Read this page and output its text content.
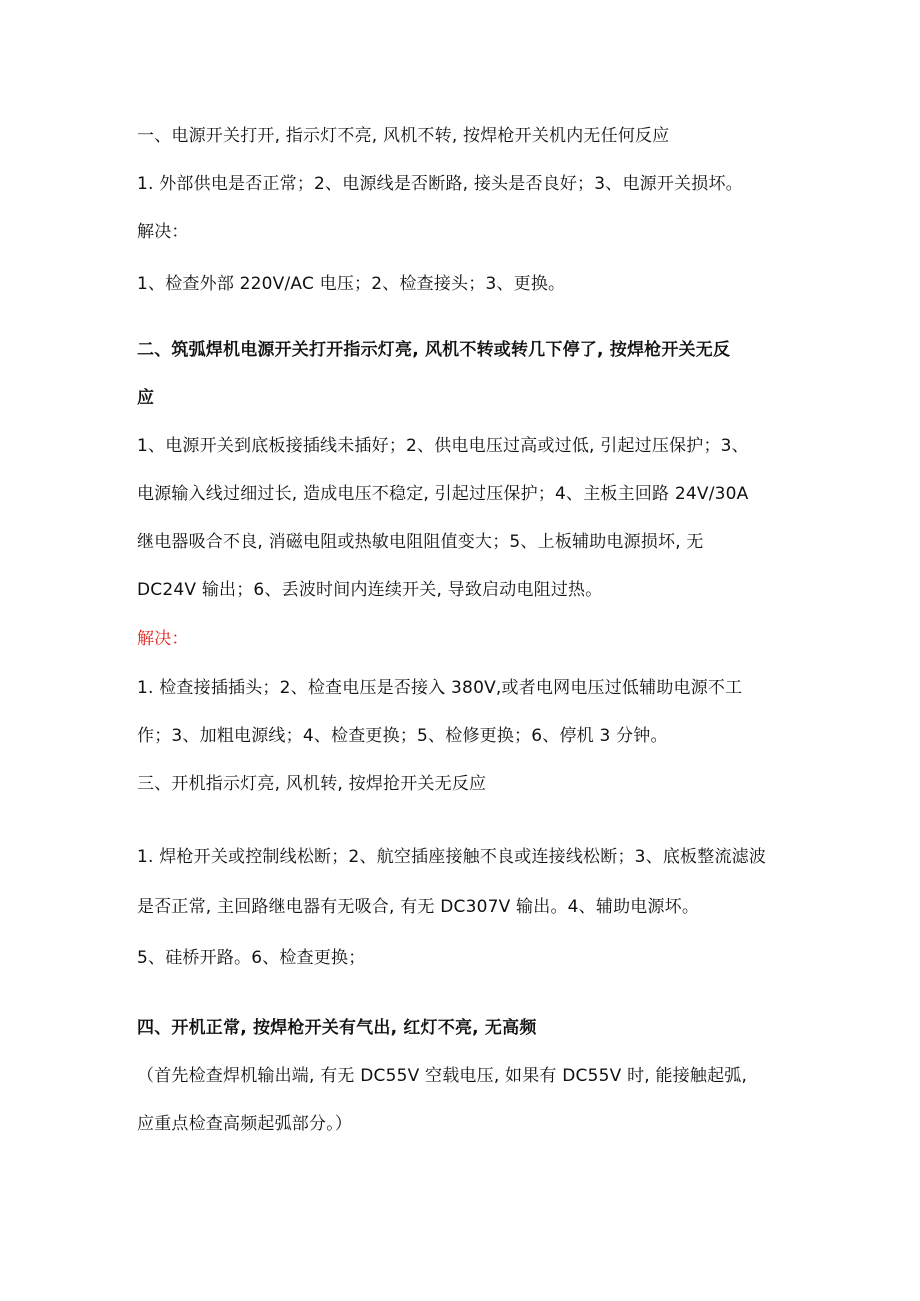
一、电源开关打开, 指示灯不亮, 风机不转, 按焊枪开关机内无任何反应
1. 外部供电是否正常；2、电源线是否断路, 接头是否良好；3、电源开关损坏。
解决：
1、检查外部 220V/AC 电压；2、检查接头；3、更换。
二、筑弧焊机电源开关打开指示灯亮, 风机不转或转几下停了, 按焊枪开关无反
应
1、电源开关到底板接插线未插好；2、供电电压过高或过低, 引起过压保护；3、
电源输入线过细过长, 造成电压不稳定, 引起过压保护；4、主板主回路 24V/30A
继电器吸合不良, 消磁电阻或热敏电阻阻值变大；5、上板辅助电源损坏, 无
DC24V 输出；6、丢波时间内连续开关, 导致启动电阻过热。
解决：
1. 检查接插插头；2、检查电压是否接入 380V,或者电网电压过低辅助电源不工
作；3、加粗电源线；4、检查更换；5、检修更换；6、停机 3 分钟。
三、开机指示灯亮, 风机转, 按焊抢开关无反应
1. 焊枪开关或控制线松断；2、航空插座接触不良或连接线松断；3、底板整流滤波
是否正常, 主回路继电器有无吸合, 有无 DC307V 输出。4、辅助电源坏。
5、硅桥开路。6、检查更换；
四、开机正常, 按焊枪开关有气出, 红灯不亮, 无高频
（首先检查焊机输出端, 有无 DC55V 空载电压, 如果有 DC55V 时, 能接触起弧,
应重点检查高频起弧部分。）
